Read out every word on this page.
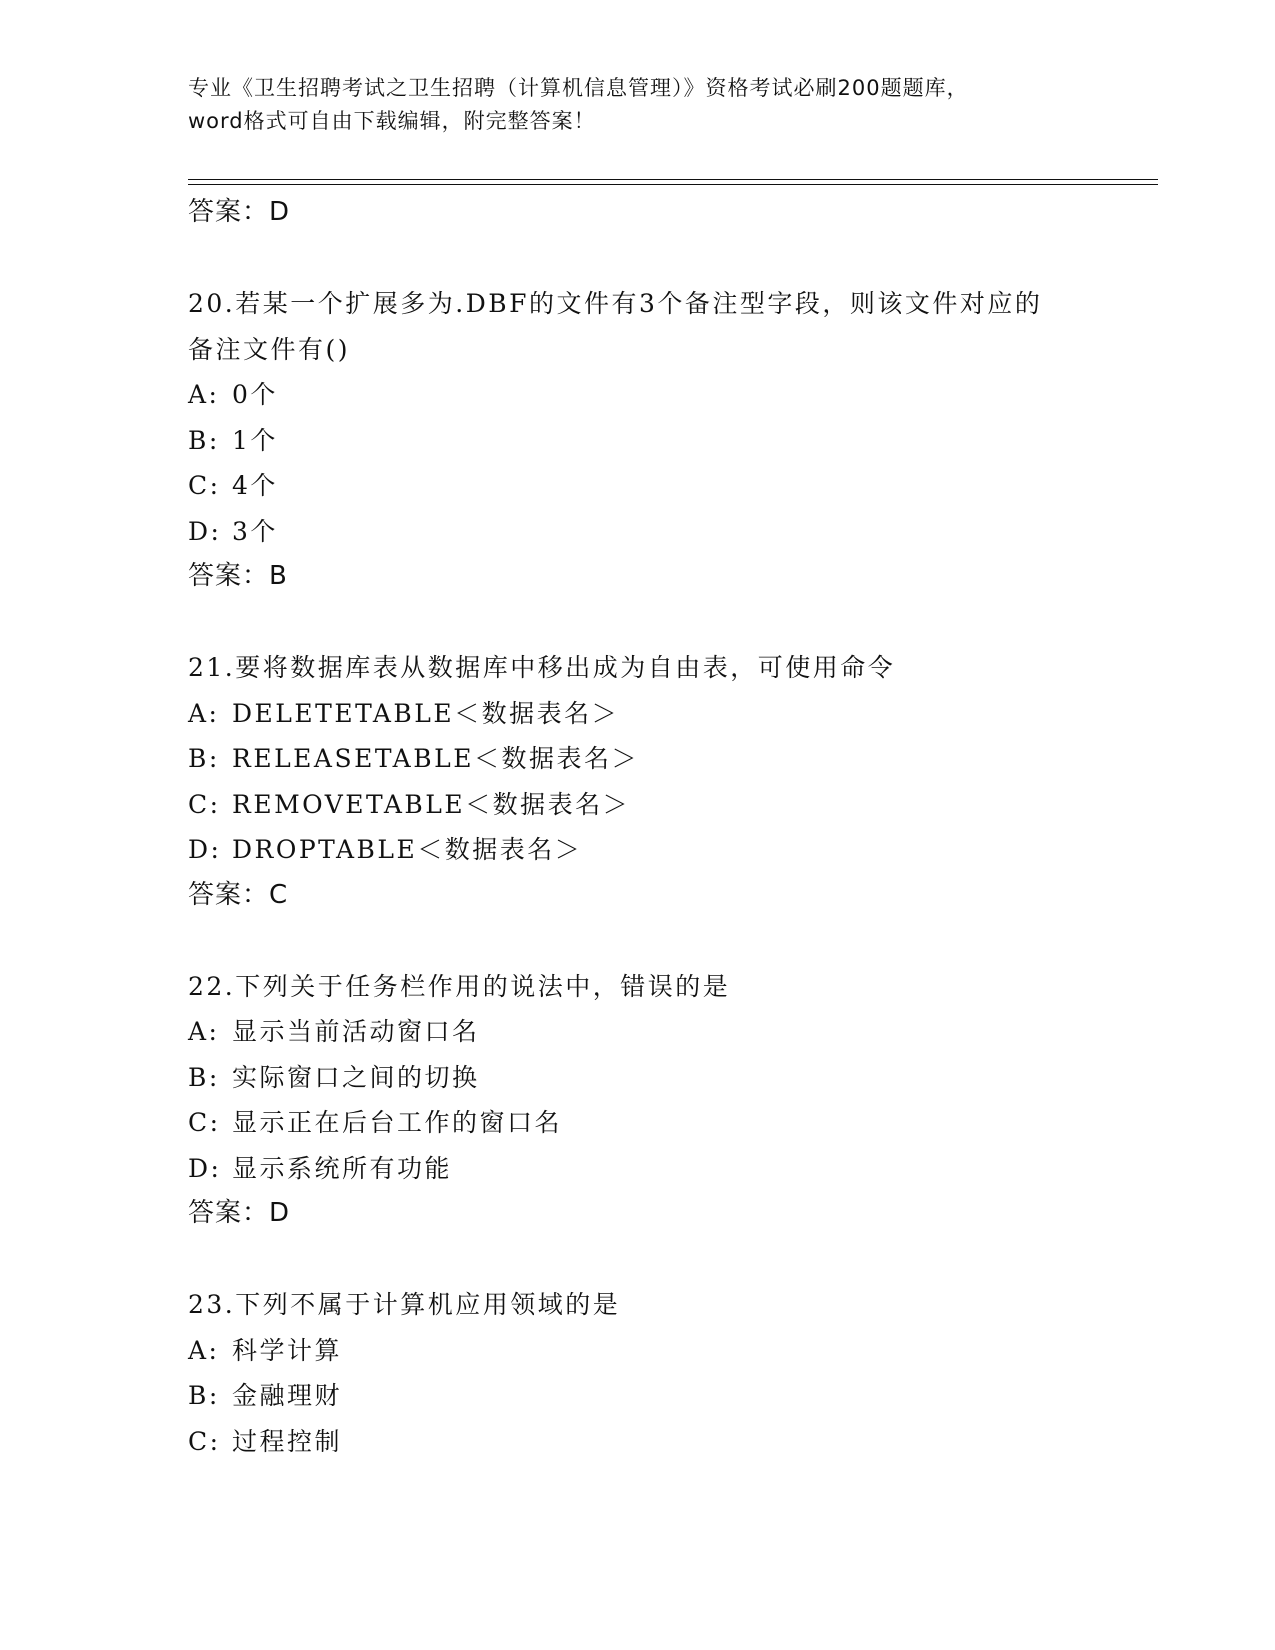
专业《卫生招聘考试之卫生招聘（计算机信息管理）》资格考试必刷200题题库，
word格式可自由下载编辑，附完整答案！
答案：D
20.若某一个扩展多为.DBF的文件有3个备注型字段，则该文件对应的
备注文件有()
A: 0个
B: 1个
C: 4个
D: 3个
答案：B
21.要将数据库表从数据库中移出成为自由表，可使用命令
A: DELETETABLE＜数据表名＞
B: RELEASETABLE＜数据表名＞
C: REMOVETABLE＜数据表名＞
D: DROPTABLE＜数据表名＞
答案：C
22.下列关于任务栏作用的说法中，错误的是
A: 显示当前活动窗口名
B: 实际窗口之间的切换
C: 显示正在后台工作的窗口名
D: 显示系统所有功能
答案：D
23.下列不属于计算机应用领域的是
A: 科学计算
B: 金融理财
C: 过程控制
